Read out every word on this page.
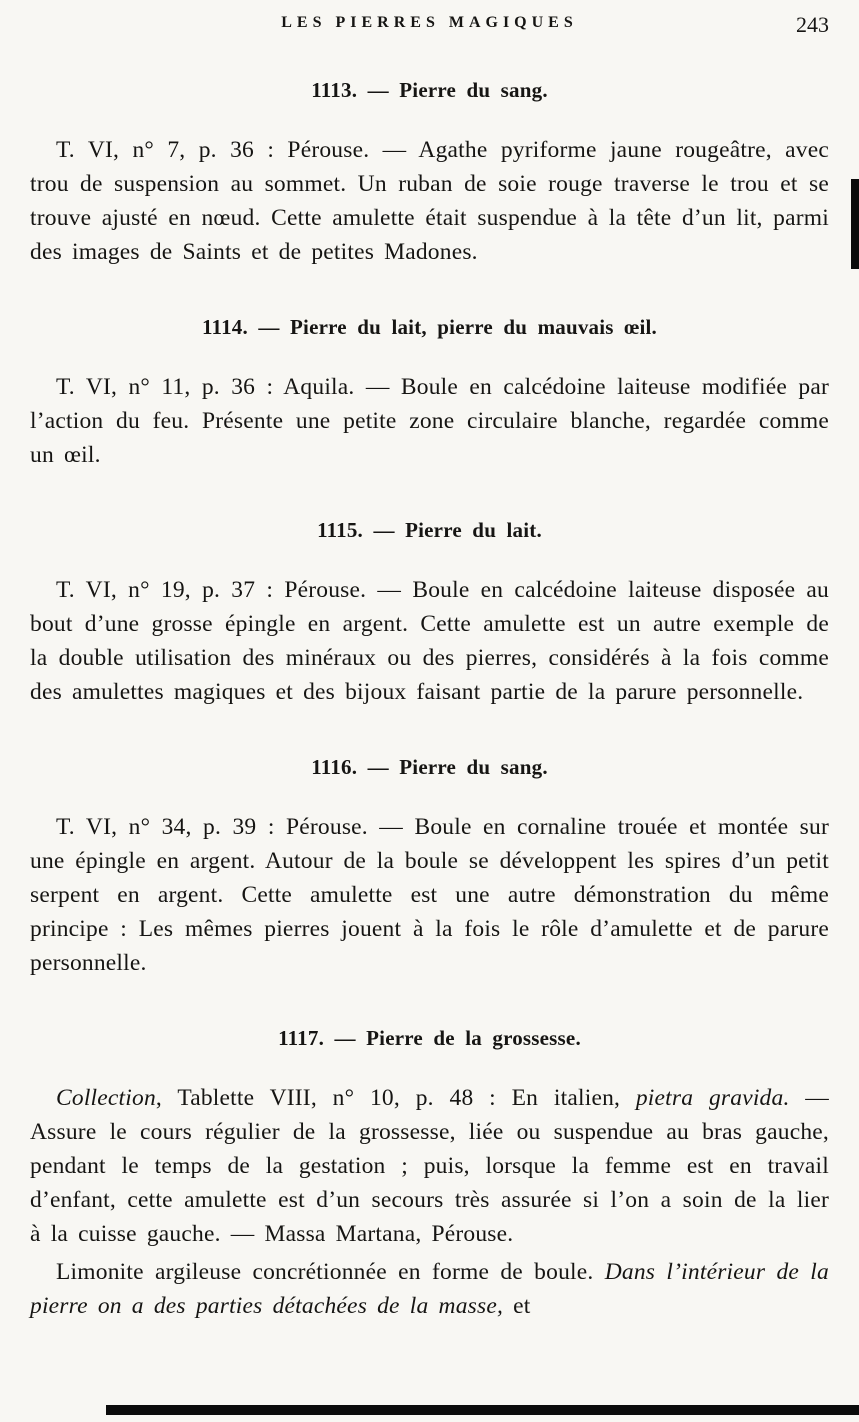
LES PIERRES MAGIQUES	243
1113. — Pierre du sang.

T. VI, n° 7, p. 36 : Pérouse. — Agathe pyriforme jaune rougeâtre, avec trou de suspension au sommet. Un ruban de soie rouge traverse le trou et se trouve ajusté en nœud. Cette amulette était suspendue à la tête d’un lit, parmi des images de Saints et de petites Madones.

1114. — Pierre du lait, pierre du mauvais œil.

T. VI, n° 11, p. 36 : Aquila. — Boule en calcédoine laiteuse modifiée par l’action du feu. Présente une petite zone circulaire blanche, regardée comme un œil.

1115. — Pierre du lait.

T. VI, n° 19, p. 37 : Pérouse. — Boule en calcédoine laiteuse disposée au bout d’une grosse épingle en argent. Cette amulette est un autre exemple de la double utilisation des minéraux ou des pierres, considérés à la fois comme des amulettes magiques et des bijoux faisant partie de la parure personnelle.

1116. — Pierre du sang.

T. VI, n° 34, p. 39 : Pérouse. — Boule en cornaline trouée et montée sur une épingle en argent. Autour de la boule se développent les spires d’un petit serpent en argent. Cette amulette est une autre démonstration du même principe : Les mêmes pierres jouent à la fois le rôle d’amulette et de parure personnelle.

1117. — Pierre de la grossesse.

Collection, Tablette VIII, n° 10, p. 48 : En italien, pietra gravida. — Assure le cours régulier de la grossesse, liée ou suspendue au bras gauche, pendant le temps de la gestation ; puis, lorsque la femme est en travail d’enfant, cette amulette est d’un secours très assurée si l’on a soin de la lier à la cuisse gauche. — Massa Martana, Pérouse.

Limonite argileuse concrétionnée en forme de boule. Dans l’intérieur de la pierre on a des parties détachées de la masse, et
